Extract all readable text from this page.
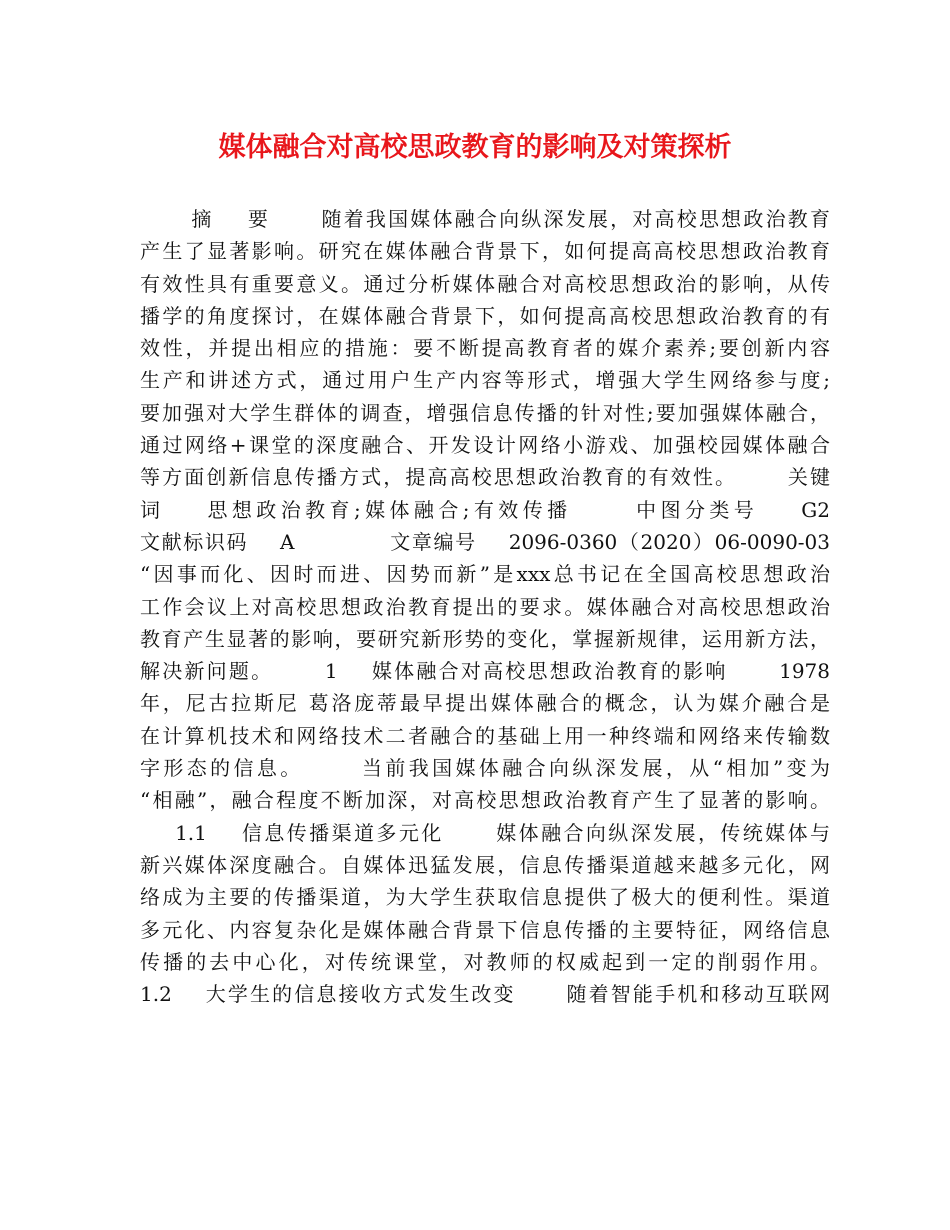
媒体融合对高校思政教育的影响及对策探析
摘    要      随着我国媒体融合向纵深发展，对高校思想政治教育
产生了显著影响。研究在媒体融合背景下，如何提高高校思想政治教育
有效性具有重要意义。通过分析媒体融合对高校思想政治的影响，从传
播学的角度探讨，在媒体融合背景下，如何提高高校思想政治教育的有
效性，并提出相应的措施：要不断提高教育者的媒介素养;要创新内容
生产和讲述方式，通过用户生产内容等形式，增强大学生网络参与度;
要加强对大学生群体的调查，增强信息传播的针对性;要加强媒体融合，
通过网络+课堂的深度融合、开发设计网络小游戏、加强校园媒体融合
等方面创新信息传播方式，提高高校思想政治教育的有效性。      关键
词    思想政治教育;媒体融合;有效传播      中图分类号    G2
文献标识码    A            文章编号    2096-0360（2020）06-0090-03
“因事而化、因时而进、因势而新”是xxx总书记在全国高校思想政治
工作会议上对高校思想政治教育提出的要求。媒体融合对高校思想政治
教育产生显著的影响，要研究新形势的变化，掌握新规律，运用新方法，
解决新问题。      1    媒体融合对高校思想政治教育的影响      1978
年，尼古拉斯尼 葛洛庞蒂最早提出媒体融合的概念，认为媒介融合是
在计算机技术和网络技术二者融合的基础上用一种终端和网络来传输数
字形态的信息。      当前我国媒体融合向纵深发展，从“相加”变为
“相融”，融合程度不断加深，对高校思想政治教育产生了显著的影响。
1.1    信息传播渠道多元化      媒体融合向纵深发展，传统媒体与
新兴媒体深度融合。自媒体迅猛发展，信息传播渠道越来越多元化，网
络成为主要的传播渠道，为大学生获取信息提供了极大的便利性。渠道
多元化、内容复杂化是媒体融合背景下信息传播的主要特征，网络信息
传播的去中心化，对传统课堂，对教师的权威起到一定的削弱作用。
1.2    大学生的信息接收方式发生改变      随着智能手机和移动互联网
